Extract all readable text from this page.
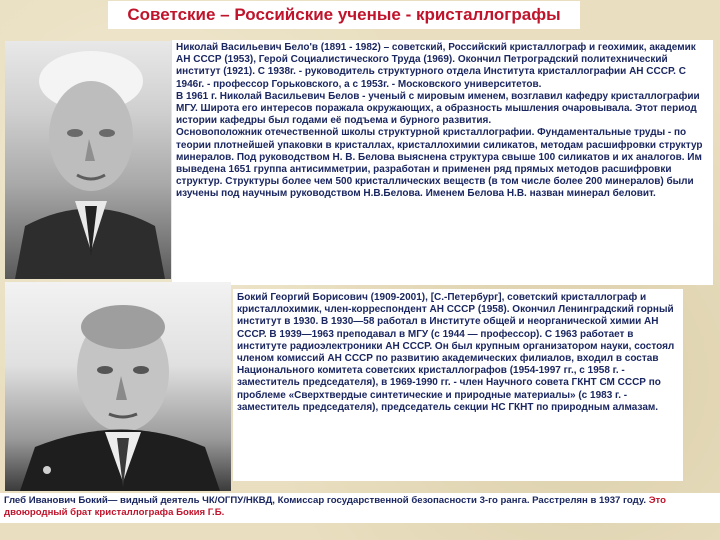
Советские – Российские ученые - кристаллографы

Николай Васильевич Бело'в (1891 - 1982) – советский, Российский кристаллограф и геохимик, академик АН СССР (1953), Герой Социалистического Труда (1969). Окончил Петроградский политехнический институт (1921). С 1938г. - руководитель структурного отдела Института кристаллографии АН СССР. С 1946г. - профессор Горьковского, а с 1953г. - Московского университетов.

В 1961 г. Николай Васильевич Белов - ученый с мировым именем, возглавил кафедру кристаллографии МГУ. Широта его интересов поражала окружающих, а образность мышления очаровывала. Этот период истории кафедры был годами её подъема и бурного развития.

Основоположник отечественной школы структурной кристаллографии. Фундаментальные труды - по теории плотнейшей упаковки в кристаллах, кристаллохимии силикатов, методам расшифровки структур минералов. Под руководством Н. В. Белова выяснена структура свыше 100 силикатов и их аналогов. Им выведена 1651 группа антисимметрии, разработан и применен ряд прямых методов расшифровки структур. Структуры более чем 500 кристаллических веществ (в том числе более 200 минералов) были изучены под научным руководством Н.В.Белова. Именем Белова Н.В. назван минерал беловит.

Бокий Георгий Борисович (1909-2001), [С.-Петербург], советский кристаллограф и кристаллохимик, член-корреспондент АН СССР (1958). Окончил Ленинградский горный институт в 1930. В 1930—58 работал в Институте общей и неорганической химии АН СССР. В 1939—1963 преподавал в МГУ (с 1944 — профессор). С 1963 работает в институте радиоэлектроники АН СССР. Он был крупным организатором науки, состоял членом комиссий АН СССР по развитию академических филиалов, входил в состав Национального комитета советских кристаллографов (1954-1997 гг., с 1958 г. - заместитель председателя), в 1969-1990 гг. - член Научного совета ГКНТ СМ СССР по проблеме «Сверхтвердые синтетические и природные материалы» (с 1983 г. - заместитель председателя), председатель секции НС ГКНТ по природным алмазам.

Глеб Иванович Бокий— видный деятель ЧК/ОГПУ/НКВД, Комиссар государственной безопасности 3-го ранга. Расстрелян в 1937 году. Это двоюродный брат кристаллографа Бокия Г.Б.
